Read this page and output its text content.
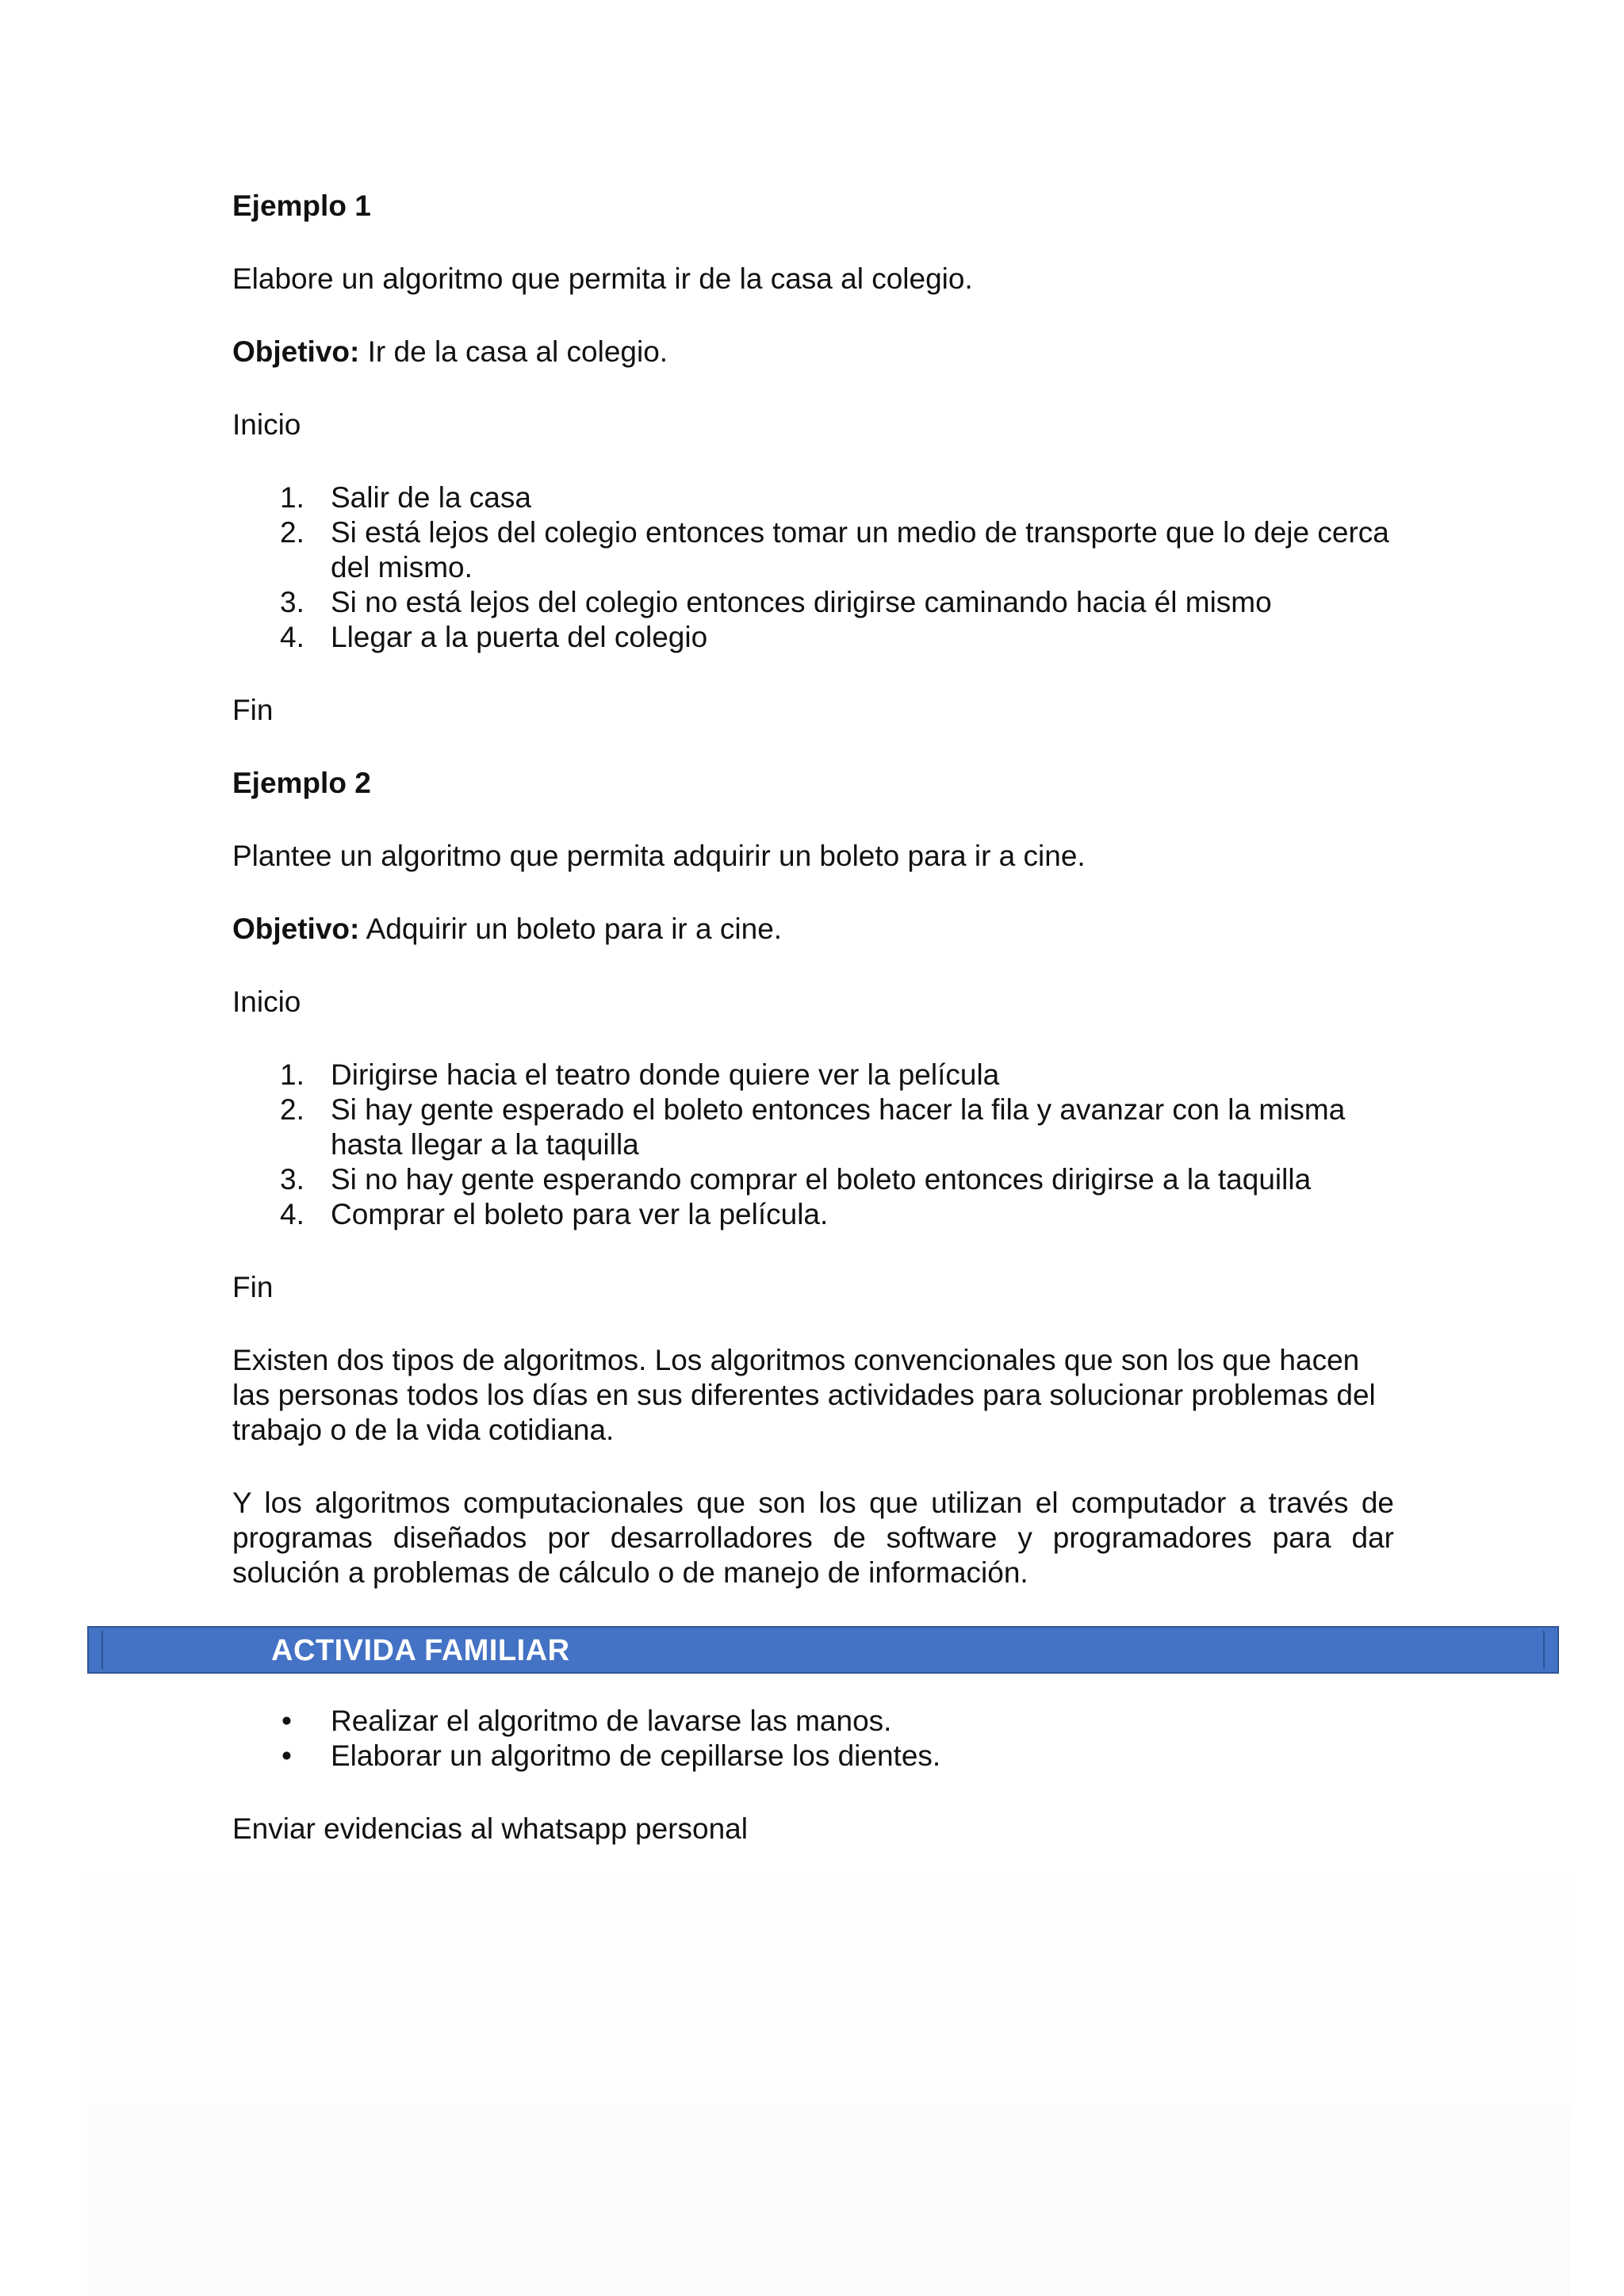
Ejemplo 1

Elabore un algoritmo que permita ir de la casa al colegio.

Objetivo: Ir de la casa al colegio.

Inicio

1. Salir de la casa
2. Si está lejos del colegio entonces tomar un medio de transporte que lo deje cerca del mismo.
3. Si no está lejos del colegio entonces dirigirse caminando hacia él mismo
4. Llegar a la puerta del colegio

Fin

Ejemplo 2

Plantee un algoritmo que permita adquirir un boleto para ir a cine.

Objetivo: Adquirir un boleto para ir a cine.

Inicio

1. Dirigirse hacia el teatro donde quiere ver la película
2. Si hay gente esperado el boleto entonces hacer la fila y avanzar con la misma hasta llegar a la taquilla
3. Si no hay gente esperando comprar el boleto entonces dirigirse a la taquilla
4. Comprar el boleto para ver la película.

Fin

Existen dos tipos de algoritmos. Los algoritmos convencionales que son los que hacen las personas todos los días en sus diferentes actividades para solucionar problemas del trabajo o de la vida cotidiana.

Y los algoritmos computacionales que son los que utilizan el computador a través de programas diseñados por desarrolladores de software y programadores para dar solución a problemas de cálculo o de manejo de información.

ACTIVIDA FAMILIAR
• Realizar el algoritmo de lavarse las manos.
• Elaborar un algoritmo de cepillarse los dientes.

Enviar evidencias al whatsapp personal
